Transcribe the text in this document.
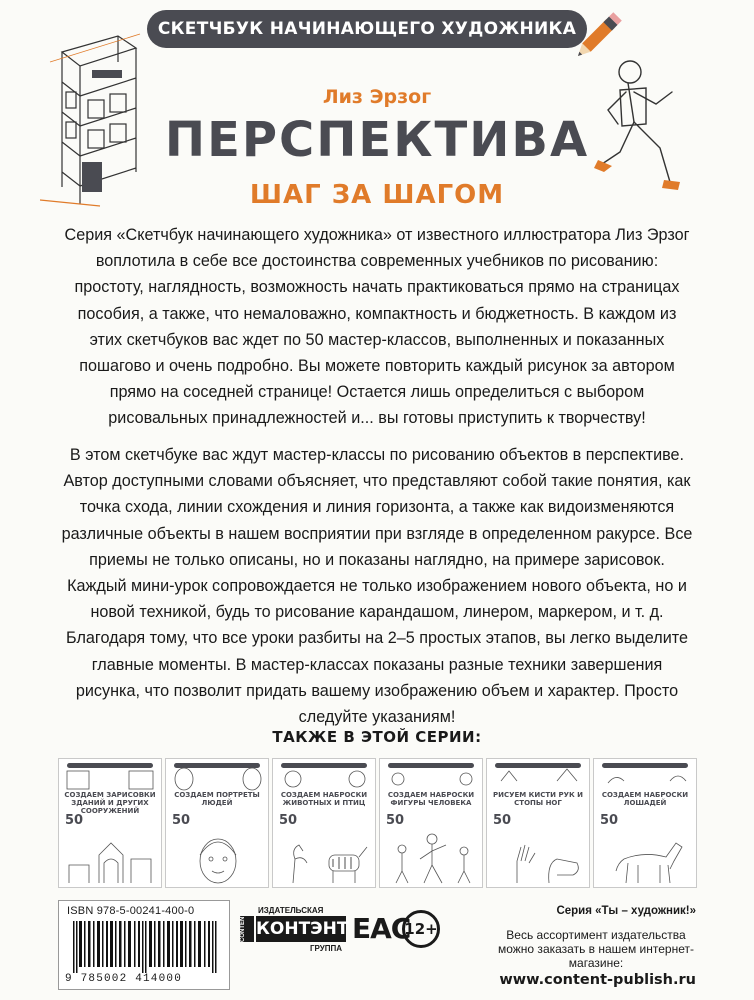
СКЕТЧБУК НАЧИНАЮЩЕГО ХУДОЖНИКА
Лиз Эрзог
ПЕРСПЕКТИВА
ШАГ ЗА ШАГОМ

Серия «Скетчбук начинающего художника» от известного иллюстратора Лиз Эрзог воплотила в себе все достоинства современных учебников по рисованию: простоту, наглядность, возможность начать практиковаться прямо на страницах пособия, а также, что немаловажно, компактность и бюджетность. В каждом из этих скетчбуков вас ждет по 50 мастер-классов, выполненных и показанных пошагово и очень подробно. Вы можете повторить каждый рисунок за автором прямо на соседней странице! Остается лишь определиться с выбором рисовальных принадлежностей и... вы готовы приступить к творчеству!

В этом скетчбуке вас ждут мастер-классы по рисованию объектов в перспективе. Автор доступными словами объясняет, что представляют собой такие понятия, как точка схода, линии схождения и линия горизонта, а также как видоизменяются различные объекты в нашем восприятии при взгляде в определенном ракурсе. Все приемы не только описаны, но и показаны наглядно, на примере зарисовок. Каждый мини-урок сопровождается не только изображением нового объекта, но и новой техникой, будь то рисование карандашом, линером, маркером, и т. д. Благодаря тому, что все уроки разбиты на 2–5 простых этапов, вы легко выделите главные моменты. В мастер-классах показаны разные техники завершения рисунка, что позволит придать вашему изображению объем и характер. Просто следуйте указаниям!

ТАКЖЕ В ЭТОЙ СЕРИИ:
СОЗДАЕМ ЗАРИСОВКИ ЗДАНИЙ И ДРУГИХ СООРУЖЕНИЙ
50
СОЗДАЕМ ПОРТРЕТЫ ЛЮДЕЙ
50
СОЗДАЕМ НАБРОСКИ ЖИВОТНЫХ И ПТИЦ
50
СОЗДАЕМ НАБРОСКИ ФИГУРЫ ЧЕЛОВЕКА
50
РИСУЕМ КИСТИ РУК И СТОПЫ НОГ
50
СОЗДАЕМ НАБРОСКИ ЛОШАДЕЙ
50
ISBN 978-5-00241-400-0
9 785002 414000
ИЗДАТЕЛЬСКАЯ
CONTENT КОНТЭНТ
ГРУППА
ЕАС
12+
Серия «Ты – художник!»
Весь ассортимент издательства можно заказать в нашем интернет-магазине:
www.content-publish.ru
